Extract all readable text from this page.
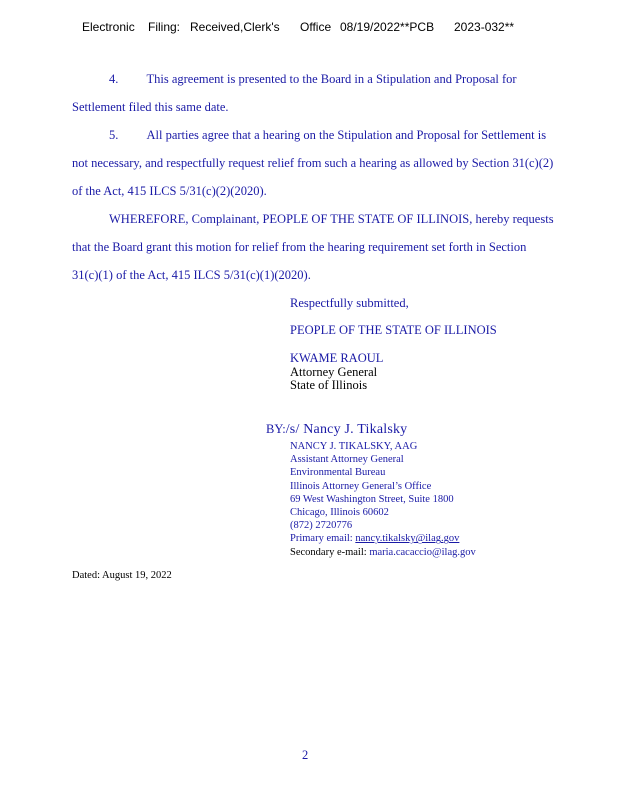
Electronic Filing: Received,Clerk's Office 08/19/2022**PCB 2023-032**
4.         This agreement is presented to the Board in a Stipulation and Proposal for
Settlement filed this same date.
5.         All parties agree that a hearing on the Stipulation and Proposal for Settlement is
not necessary, and respectfully request relief from such a hearing as allowed by Section 31(c)(2)
of the Act, 415 ILCS 5/31(c)(2)(2020).
WHEREFORE, Complainant, PEOPLE OF THE STATE OF ILLINOIS, hereby requests
that the Board grant this motion for relief from the hearing requirement set forth in Section
31(c)(1) of the Act, 415 ILCS 5/31(c)(1)(2020).
Respectfully submitted,
PEOPLE OF THE STATE OF ILLINOIS
KWAME RAOUL
Attorney General
State of Illinois
BY:/s/ Nancy J. Tikalsky
NANCY J. TIKALSKY, AAG
Assistant Attorney General
Environmental Bureau
Illinois Attorney General’s Office
69 West Washington Street, Suite 1800
Chicago, Illinois 60602
(872) 2720776
Primary email: nancy.tikalsky@ilag.gov
Secondary e-mail: maria.cacaccio@ilag.gov
Dated: August 19, 2022
2
